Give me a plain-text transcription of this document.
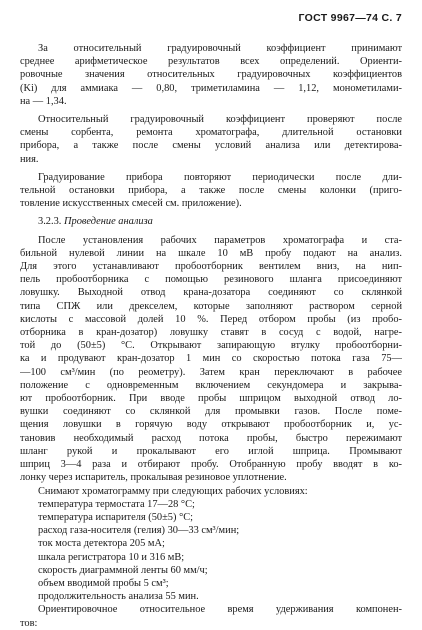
ГОСТ 9967—74 С. 7
За относительный градуировочный коэффициент принимают
среднее арифметическое результатов всех определений. Ориенти-
ровочные значения относительных градуировочных коэффициентов
(Ki) для аммиака — 0,80, триметиламина — 1,12, монометилами-
на — 1,34.
Относительный градуировочный коэффициент проверяют после
смены сорбента, ремонта хроматографа, длительной остановки
прибора, а также после смены условий анализа или детектирова-
ния.
Градуирование прибора повторяют периодически после дли-
тельной остановки прибора, а также после смены колонки (приго-
товление искусственных смесей см. приложение).
3.2.3. Проведение анализа
После установления рабочих параметров хроматографа и ста-
бильной нулевой линии на шкале 10 мВ пробу подают на анализ.
Для этого устанавливают пробоотборник вентилем вниз, на нип-
пель пробоотборника с помощью резинового шланга присоединяют
ловушку. Выходной отвод крана-дозатора соединяют со склянкой
типа СПЖ или дрекселем, которые заполняют раствором серной
кислоты с массовой долей 10 %. Перед отбором пробы (из пробо-
отборника в кран-дозатор) ловушку ставят в сосуд с водой, нагре-
той до (50±5) °С. Открывают запирающую втулку пробоотборни-
ка и продувают кран-дозатор 1 мин со скоростью потока газа 75—
—100 см³/мин (по реометру). Затем кран переключают в рабочее
положение с одновременным включением секундомера и закрыва-
ют пробоотборник. При вводе пробы шприцом выходной отвод ло-
вушки соединяют со склянкой для промывки газов. После поме-
щения ловушки в горячую воду открывают пробоотборник и, ус-
тановив необходимый расход потока пробы, быстро пережимают
шланг рукой и прокалывают его иглой шприца. Промывают
шприц 3—4 раза и отбирают пробу. Отобранную пробу вводят в ко-
лонку через испаритель, прокалывая резиновое уплотнение.
Снимают хроматограмму при следующих рабочих условиях:
температура термостата 17—28 °С;
температура испарителя (50±5) °С;
расход газа-носителя (гелия) 30—33 см³/мин;
ток моста детектора 205 мА;
шкала регистратора 10 и 316 мВ;
скорость диаграммной ленты 60 мм/ч;
объем вводимой пробы 5 см³;
продолжительность анализа 55 мин.
Ориентировочное относительное время удерживания компонен-
тов:
